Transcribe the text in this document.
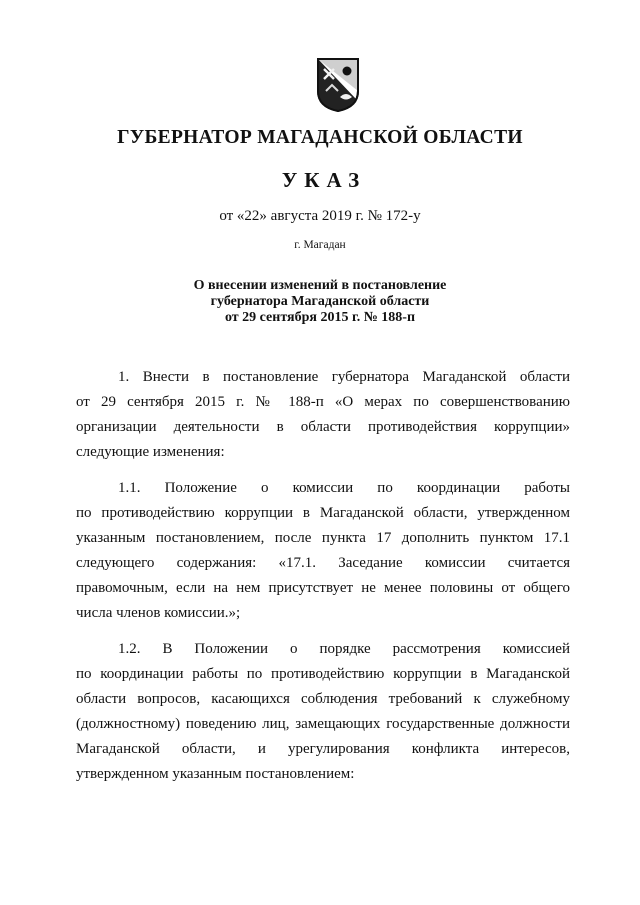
ГУБЕРНАТОР МАГАДАНСКОЙ ОБЛАСТИ
УКАЗ
от «22» августа 2019 г. № 172-у
г. Магадан
О внесении изменений в постановление
губернатора Магаданской области
от 29 сентября 2015 г. № 188-п
1. Внести в постановление губернатора Магаданской области
от 29 сентября 2015 г. № 188-п «О мерах по совершенствованию
организации деятельности в области противодействия коррупции»
следующие изменения:
1.1. Положение о комиссии по координации работы
по противодействию коррупции в Магаданской области, утвержденном
указанным постановлением, после пункта 17 дополнить пунктом 17.1
следующего содержания: «17.1. Заседание комиссии считается
правомочным, если на нем присутствует не менее половины от общего
числа членов комиссии.»;
1.2. В Положении о порядке рассмотрения комиссией
по координации работы по противодействию коррупции в Магаданской
области вопросов, касающихся соблюдения требований к служебному
(должностному) поведению лиц, замещающих государственные должности
Магаданской области, и урегулирования конфликта интересов,
утвержденном указанным постановлением:
